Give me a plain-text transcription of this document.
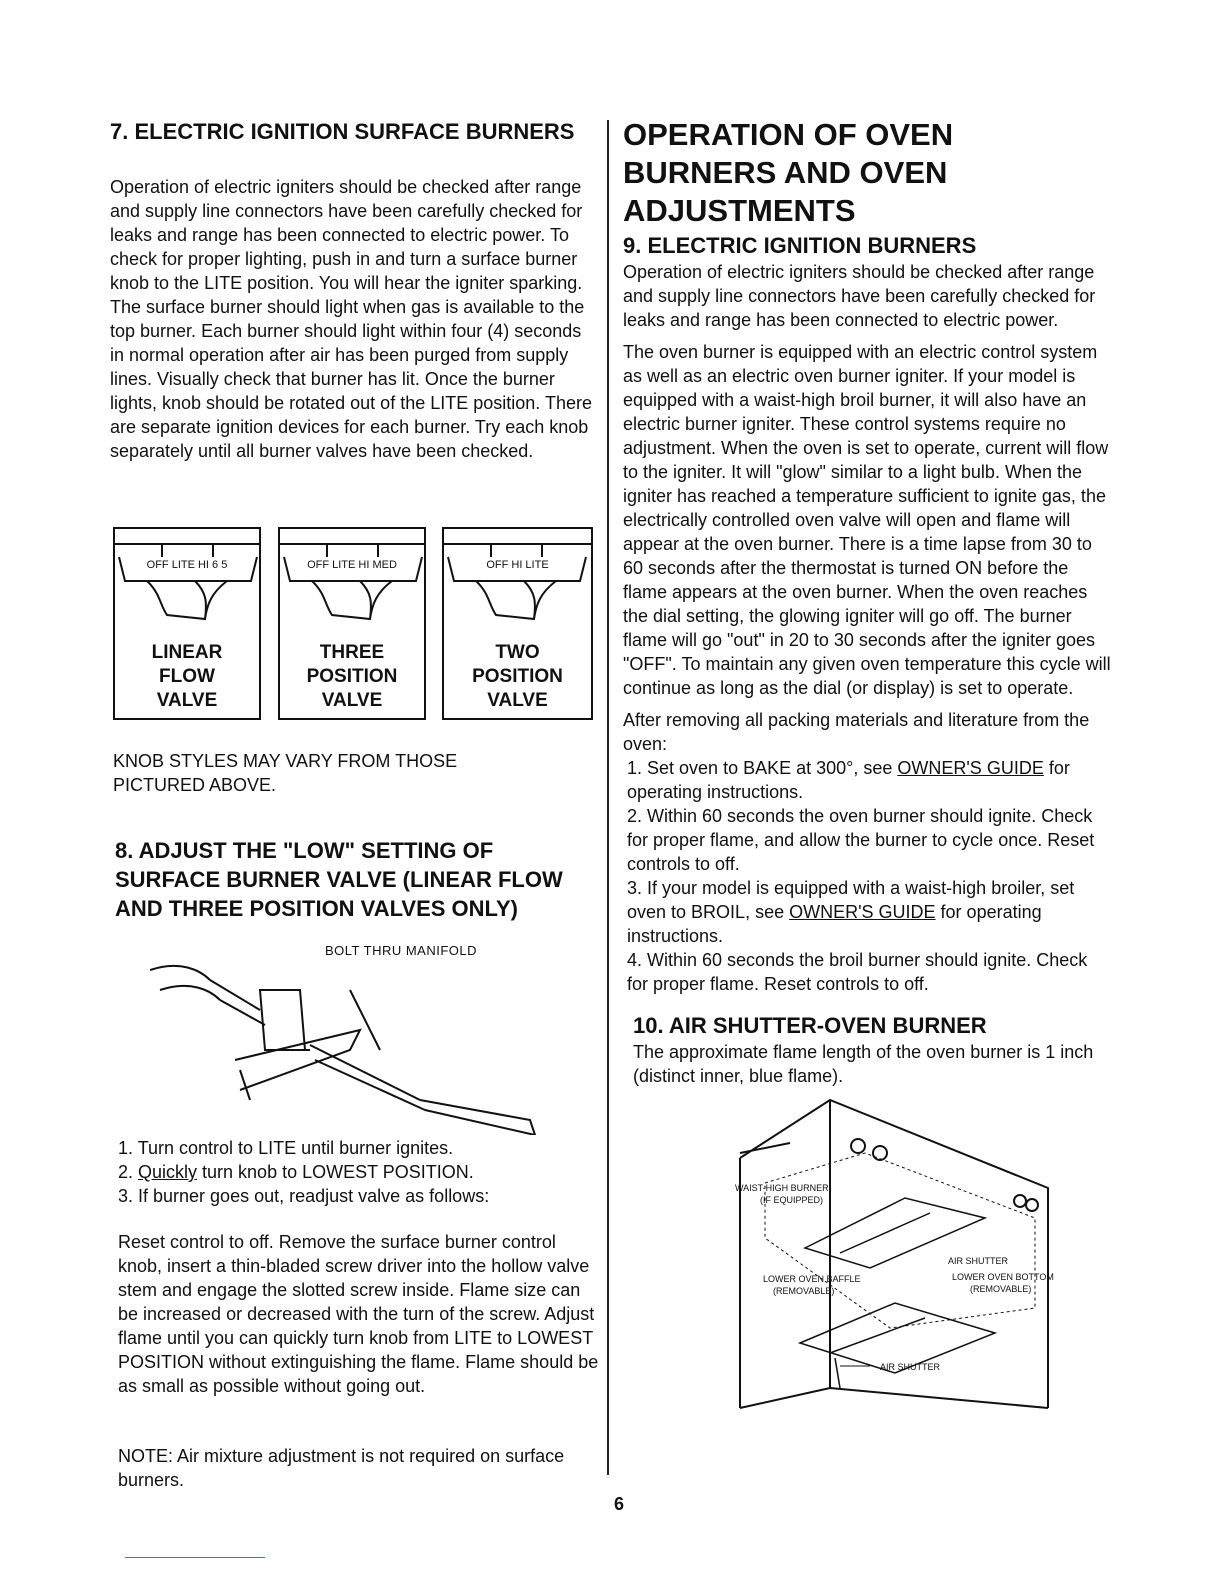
7. ELECTRIC IGNITION SURFACE BURNERS

Operation of electric igniters should be checked after range and supply line connectors have been carefully checked for leaks and range has been connected to electric power. To check for proper lighting, push in and turn a surface burner knob to the LITE position. You will hear the igniter sparking. The surface burner should light when gas is available to the top burner. Each burner should light within four (4) seconds in normal operation after air has been purged from supply lines. Visually check that burner has lit. Once the burner lights, knob should be rotated out of the LITE position. There are separate ignition devices for each burner. Try each knob separately until all burner valves have been checked.

OFF LITE HI 6 5
LINEAR
FLOW
VALVE
OFF LITE HI MED
THREE
POSITION
VALVE
OFF HI LITE
TWO
POSITION
VALVE

KNOB STYLES MAY VARY FROM THOSE PICTURED ABOVE.

8. ADJUST THE "LOW" SETTING OF SURFACE BURNER VALVE (LINEAR FLOW AND THREE POSITION VALVES ONLY)
BOLT THRU MANIFOLD

1. Turn control to LITE until burner ignites.

2. Quickly turn knob to LOWEST POSITION.

3. If burner goes out, readjust valve as follows:

Reset control to off. Remove the surface burner control knob, insert a thin-bladed screw driver into the hollow valve stem and engage the slotted screw inside. Flame size can be increased or decreased with the turn of the screw. Adjust flame until you can quickly turn knob from LITE to LOWEST POSITION without extinguishing the flame. Flame should be as small as possible without going out.

NOTE: Air mixture adjustment is not required on surface burners.

OPERATION OF OVEN BURNERS AND OVEN ADJUSTMENTS
9. ELECTRIC IGNITION BURNERS

Operation of electric igniters should be checked after range and supply line connectors have been carefully checked for leaks and range has been connected to electric power.

The oven burner is equipped with an electric control system as well as an electric oven burner igniter. If your model is equipped with a waist-high broil burner, it will also have an electric burner igniter. These control systems require no adjustment. When the oven is set to operate, current will flow to the igniter. It will "glow" similar to a light bulb. When the igniter has reached a temperature sufficient to ignite gas, the electrically controlled oven valve will open and flame will appear at the oven burner. There is a time lapse from 30 to 60 seconds after the thermostat is turned ON before the flame appears at the oven burner. When the oven reaches the dial setting, the glowing igniter will go off. The burner flame will go "out" in 20 to 30 seconds after the igniter goes "OFF". To maintain any given oven temperature this cycle will continue as long as the dial (or display) is set to operate.

After removing all packing materials and literature from the oven:

1. Set oven to BAKE at 300°, see OWNER'S GUIDE for operating instructions.

2. Within 60 seconds the oven burner should ignite. Check for proper flame, and allow the burner to cycle once. Reset controls to off.

3. If your model is equipped with a waist-high broiler, set oven to BROIL, see OWNER'S GUIDE for operating instructions.

4. Within 60 seconds the broil burner should ignite. Check for proper flame. Reset controls to off.

10. AIR SHUTTER-OVEN BURNER

The approximate flame length of the oven burner is 1 inch (distinct inner, blue flame).

WAIST-HIGH BURNER
(IF EQUIPPED)
AIR SHUTTER
LOWER OVEN BAFFLE
(REMOVABLE)
LOWER OVEN BOTTOM
(REMOVABLE)
AIR SHUTTER
6
